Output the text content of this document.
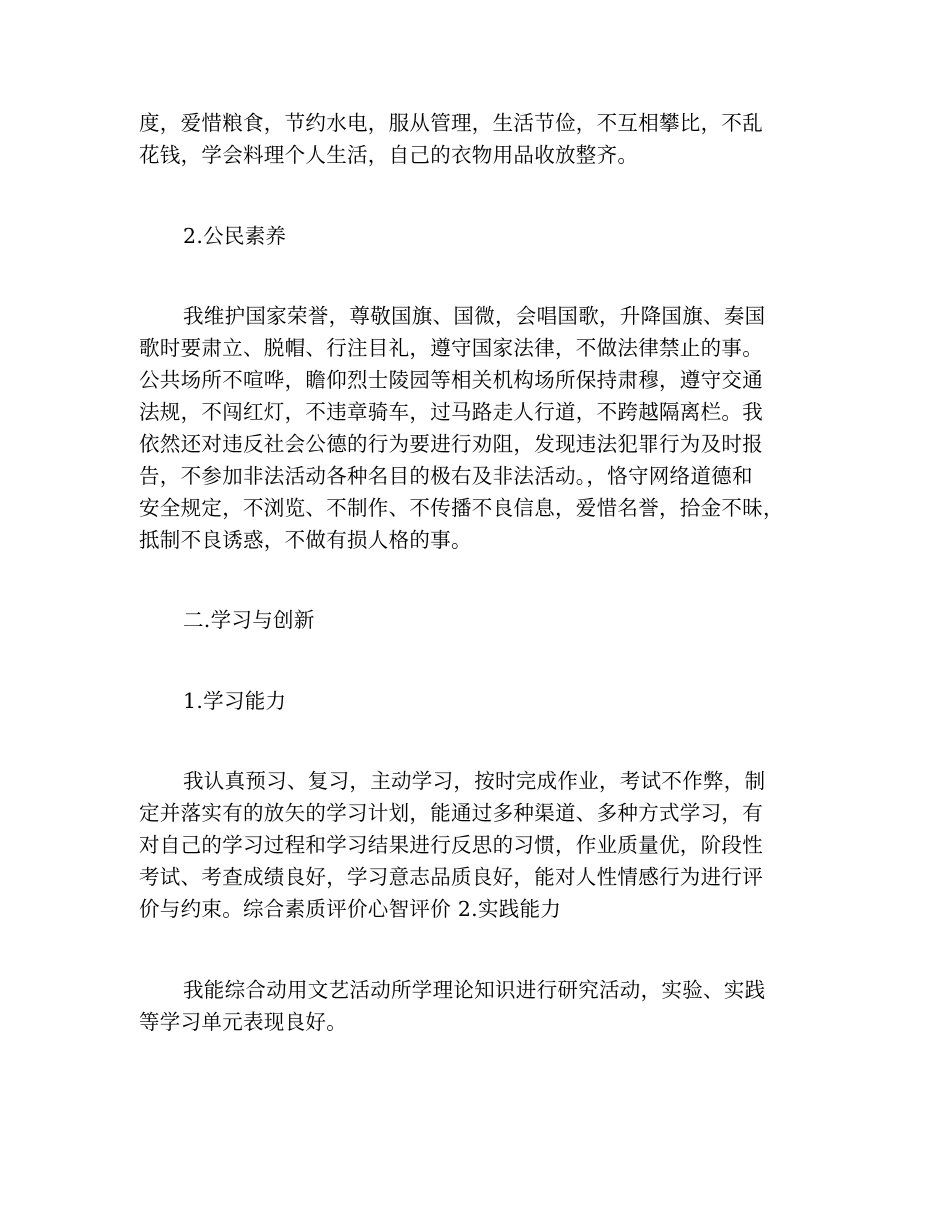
度，爱惜粮食，节约水电，服从管理，生活节俭，不互相攀比，不乱
花钱，学会料理个人生活，自己的衣物用品收放整齐。
2.公民素养
我维护国家荣誉，尊敬国旗、国微，会唱国歌，升降国旗、奏国
歌时要肃立、脱帽、行注目礼，遵守国家法律，不做法律禁止的事。
公共场所不喧哗，瞻仰烈士陵园等相关机构场所保持肃穆，遵守交通
法规，不闯红灯，不违章骑车，过马路走人行道，不跨越隔离栏。我
依然还对违反社会公德的行为要进行劝阻，发现违法犯罪行为及时报
告，不参加非法活动各种名目的极右及非法活动。，恪守网络道德和
安全规定，不浏览、不制作、不传播不良信息，爱惜名誉，拾金不昧，
抵制不良诱惑，不做有损人格的事。
二.学习与创新
1.学习能力
我认真预习、复习，主动学习，按时完成作业，考试不作弊，制
定并落实有的放矢的学习计划，能通过多种渠道、多种方式学习，有
对自己的学习过程和学习结果进行反思的习惯，作业质量优，阶段性
考试、考查成绩良好，学习意志品质良好，能对人性情感行为进行评
价与约束。综合素质评价心智评价 2.实践能力
我能综合动用文艺活动所学理论知识进行研究活动，实验、实践
等学习单元表现良好。
